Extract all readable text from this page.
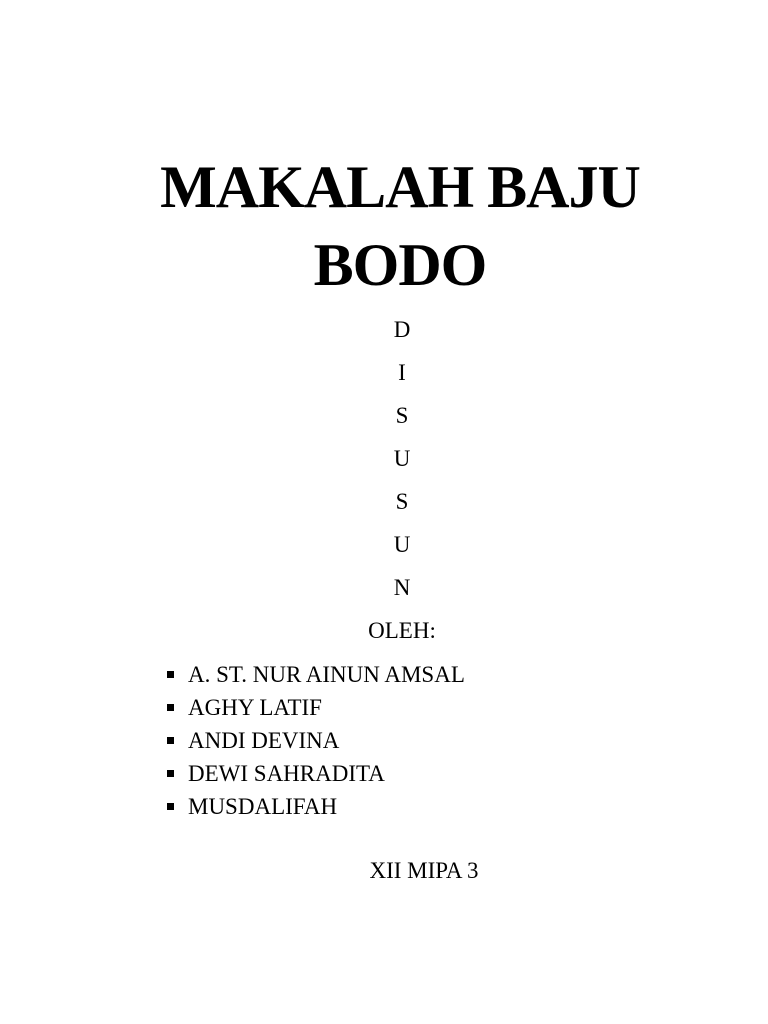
MAKALAH BAJU
BODO
D
I
S
U
S
U
N
OLEH:
A. ST. NUR AINUN AMSAL
AGHY LATIF
ANDI DEVINA
DEWI SAHRADITA
MUSDALIFAH
XII MIPA 3
